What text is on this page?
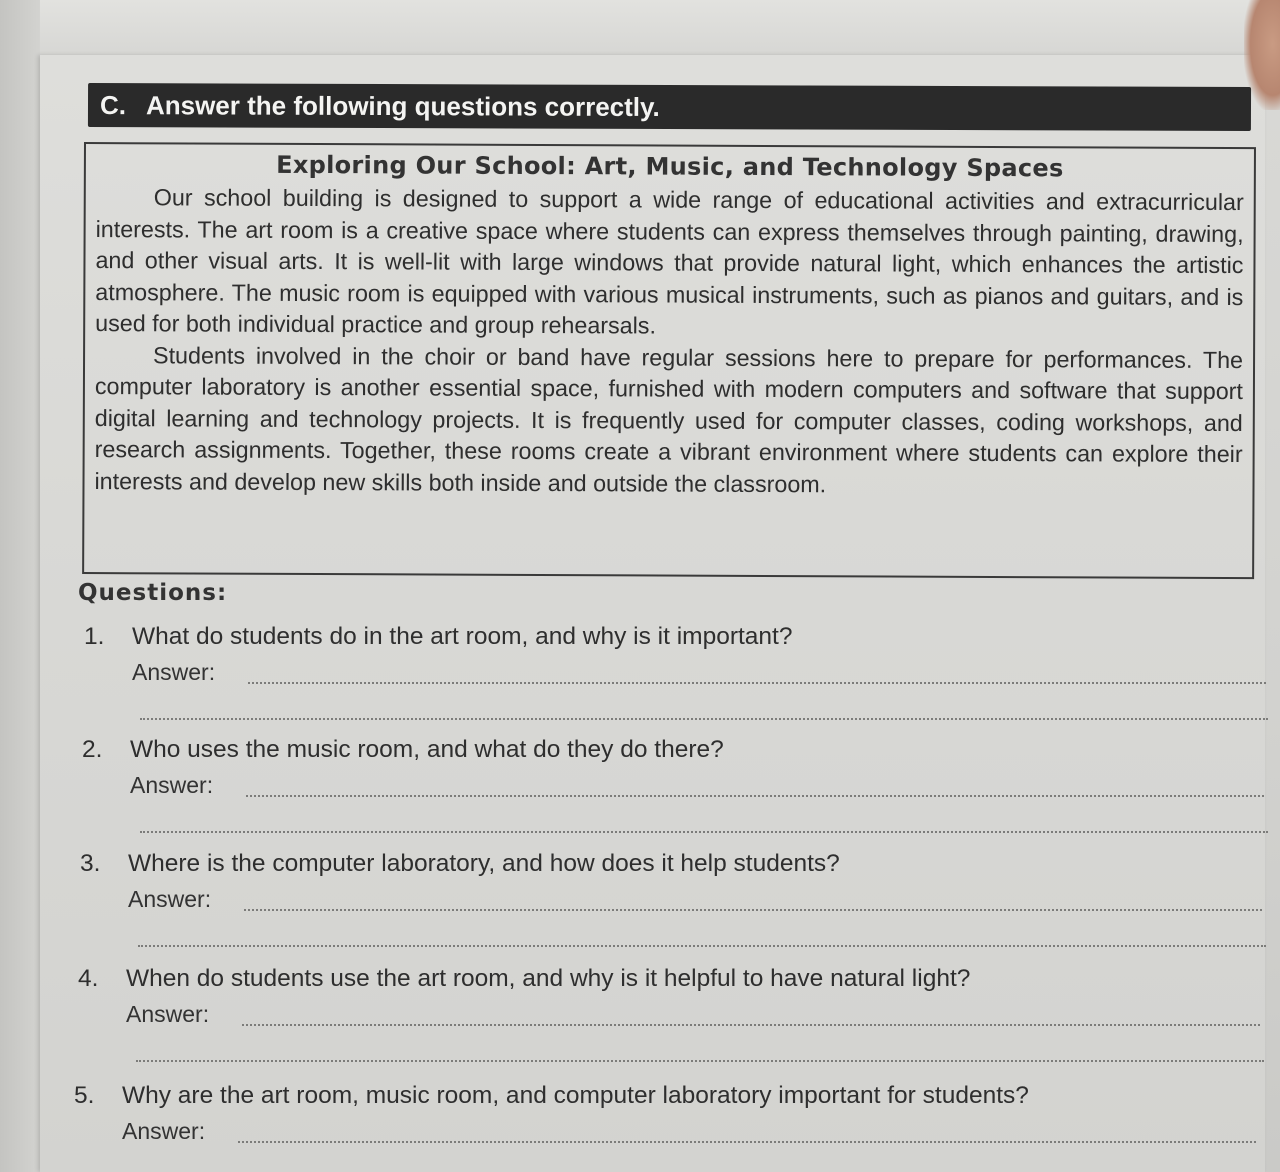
C. Answer the following questions correctly.
Exploring Our School: Art, Music, and Technology Spaces

Our school building is designed to support a wide range of educational activities and extracurricular interests. The art room is a creative space where students can express themselves through painting, drawing, and other visual arts. It is well-lit with large windows that provide natural light, which enhances the artistic atmosphere. The music room is equipped with various musical instruments, such as pianos and guitars, and is used for both individual practice and group rehearsals.

Students involved in the choir or band have regular sessions here to prepare for performances. The computer laboratory is another essential space, furnished with modern computers and software that support digital learning and technology projects. It is frequently used for computer classes, coding workshops, and research assignments. Together, these rooms create a vibrant environment where students can explore their interests and develop new skills both inside and outside the classroom.

Questions:
1. What do students do in the art room, and why is it important?
Answer:
2. Who uses the music room, and what do they do there?
Answer:
3. Where is the computer laboratory, and how does it help students?
Answer:
4. When do students use the art room, and why is it helpful to have natural light?
Answer:
5. Why are the art room, music room, and computer laboratory important for students?
Answer:
